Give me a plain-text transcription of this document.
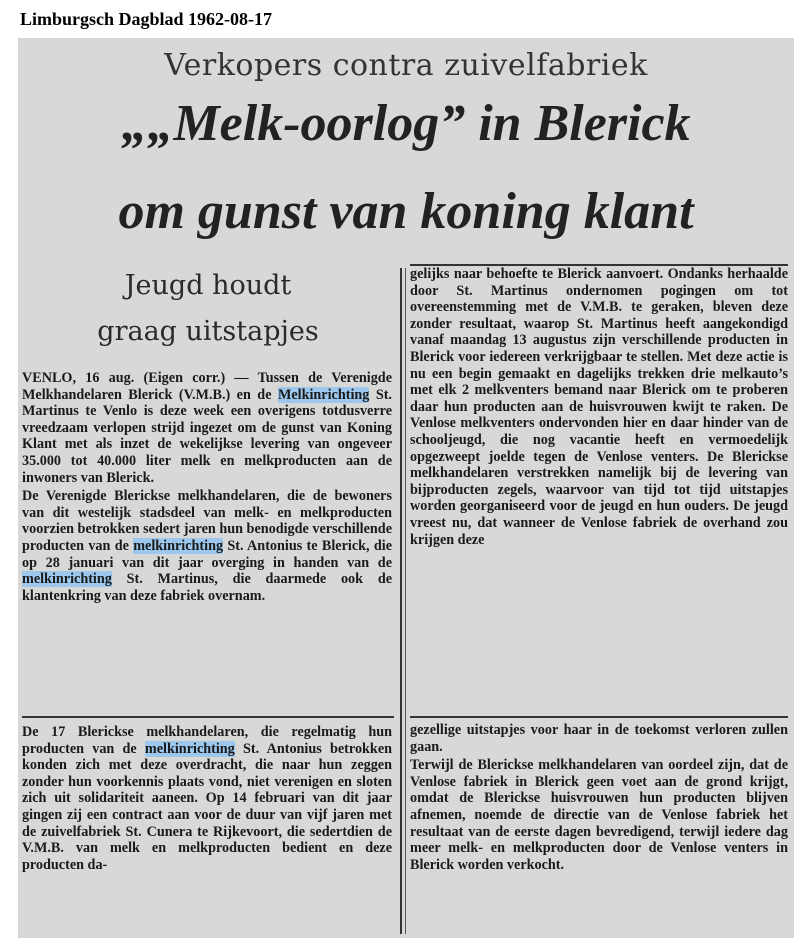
Limburgsch Dagblad 1962-08-17
Verkopers contra zuivelfabriek
„„Melk-oorlog” in Blerick
om gunst van koning klant
Jeugd houdt
graag uitstapjes

VENLO, 16 aug. (Eigen corr.) — Tussen de Verenigde Melkhandelaren Blerick (V.M.B.) en de Melkinrichting St. Martinus te Venlo is deze week een overigens totdusverre vreedzaam verlopen strijd ingezet om de gunst van Koning Klant met als inzet de wekelijkse levering van ongeveer 35.000 tot 40.000 liter melk en melkproducten aan de inwoners van Blerick.

De Verenigde Blerickse melkhandelaren, die de bewoners van dit westelijk stadsdeel van melk- en melkproducten voorzien betrokken sedert jaren hun benodigde verschillende producten van de melkinrichting St. Antonius te Blerick, die op 28 januari van dit jaar overging in handen van de melkinrichting St. Martinus, die daarmede ook de klantenkring van deze fabriek overnam.

De 17 Blerickse melkhandelaren, die regelmatig hun producten van de melkinrichting St. Antonius betrokken konden zich met deze overdracht, die naar hun zeggen zonder hun voorkennis plaats vond, niet verenigen en sloten zich uit solidariteit aaneen. Op 14 februari van dit jaar gingen zij een contract aan voor de duur van vijf jaren met de zuivelfabriek St. Cunera te Rijkevoort, die sedertdien de V.M.B. van melk en melkproducten bedient en deze producten da-

gelijks naar behoefte te Blerick aanvoert. Ondanks herhaalde door St. Martinus ondernomen pogingen om tot overeenstemming met de V.M.B. te geraken, bleven deze zonder resultaat, waarop St. Martinus heeft aangekondigd vanaf maandag 13 augustus zijn verschillende producten in Blerick voor iedereen verkrijgbaar te stellen. Met deze actie is nu een begin gemaakt en dagelijks trekken drie melkauto’s met elk 2 melkventers bemand naar Blerick om te proberen daar hun producten aan de huisvrouwen kwijt te raken. De Venlose melkventers ondervonden hier en daar hinder van de schooljeugd, die nog vacantie heeft en vermoedelijk opgezweept joelde tegen de Venlose venters. De Blerickse melkhandelaren verstrekken namelijk bij de levering van bijproducten zegels, waarvoor van tijd tot tijd uitstapjes worden georganiseerd voor de jeugd en hun ouders. De jeugd vreest nu, dat wanneer de Venlose fabriek de overhand zou krijgen deze

gezellige uitstapjes voor haar in de toekomst verloren zullen gaan.

Terwijl de Blerickse melkhandelaren van oordeel zijn, dat de Venlose fabriek in Blerick geen voet aan de grond krijgt, omdat de Blerickse huisvrouwen hun producten blijven afnemen, noemde de directie van de Venlose fabriek het resultaat van de eerste dagen bevredigend, terwijl iedere dag meer melk- en melkproducten door de Venlose venters in Blerick worden verkocht.
